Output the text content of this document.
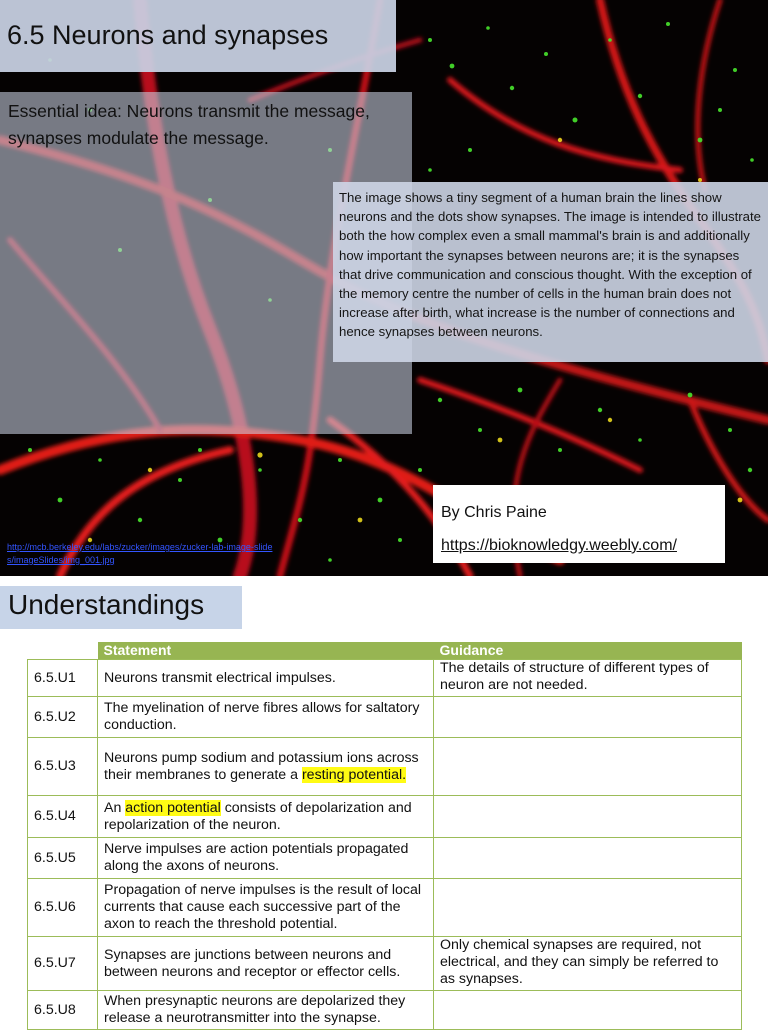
6.5 Neurons and synapses
Essential idea: Neurons transmit the message, synapses modulate the message.
The image shows a tiny segment of a human brain the lines show neurons and the dots show synapses. The image is intended to illustrate both the how complex even a small mammal's brain is and additionally how important the synapses between neurons are; it is the synapses that drive communication and conscious thought. With the exception of the memory centre the number of cells in the human brain does not increase after birth, what increase is the number of connections and hence synapses between neurons.
By Chris Paine
https://bioknowledgy.weebly.com/
http://mcb.berkeley.edu/labs/zucker/images/zucker-lab-image-slides/imageSlides/img_001.jpg
Understandings
	Statement	Guidance
6.5.U1	Neurons transmit electrical impulses.	The details of structure of different types of neuron are not needed.
6.5.U2	The myelination of nerve fibres allows for saltatory conduction.	
6.5.U3	Neurons pump sodium and potassium ions across their membranes to generate a resting potential.	
6.5.U4	An action potential consists of depolarization and repolarization of the neuron.	
6.5.U5	Nerve impulses are action potentials propagated along the axons of neurons.	
6.5.U6	Propagation of nerve impulses is the result of local currents that cause each successive part of the axon to reach the threshold potential.	
6.5.U7	Synapses are junctions between neurons and between neurons and receptor or effector cells.	Only chemical synapses are required, not electrical, and they can simply be referred to as synapses.
6.5.U8	When presynaptic neurons are depolarized they release a neurotransmitter into the synapse.	
